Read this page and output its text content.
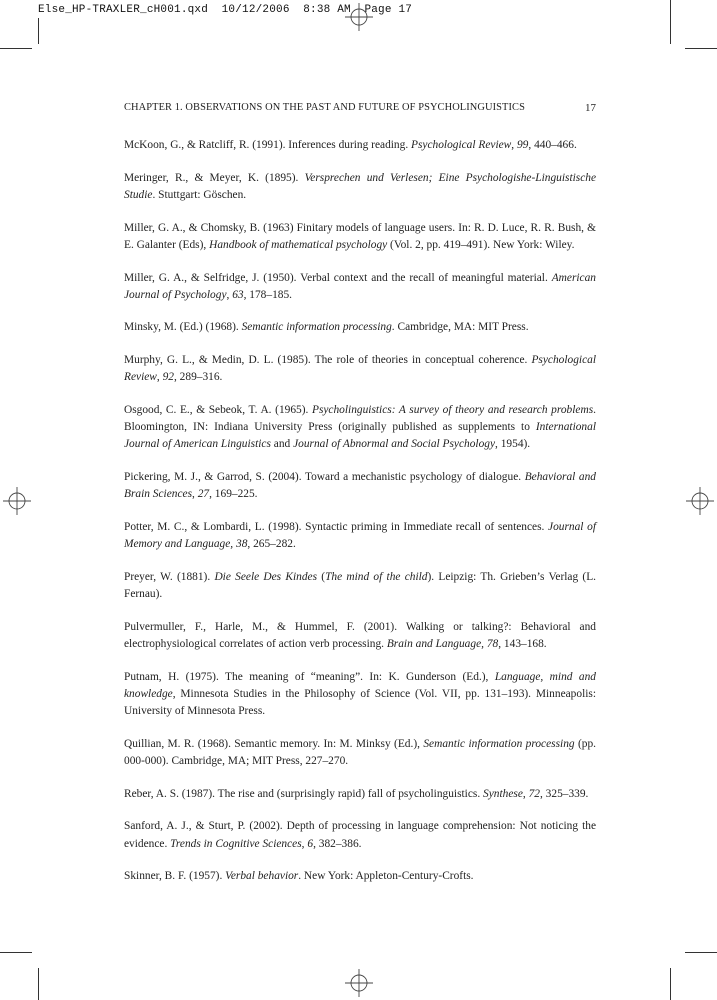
Else_HP-TRAXLER_cH001.qxd  10/12/2006  8:38 AM  Page 17
CHAPTER 1. OBSERVATIONS ON THE PAST AND FUTURE OF PSYCHOLINGUISTICS	17

McKoon, G., & Ratcliff, R. (1991). Inferences during reading. Psychological Review, 99, 440–466.

Meringer, R., & Meyer, K. (1895). Versprechen und Verlesen; Eine Psychologishe-Linguistische Studie. Stuttgart: Göschen.

Miller, G. A., & Chomsky, B. (1963) Finitary models of language users. In: R. D. Luce, R. R. Bush, & E. Galanter (Eds), Handbook of mathematical psychology (Vol. 2, pp. 419–491). New York: Wiley.

Miller, G. A., & Selfridge, J. (1950). Verbal context and the recall of meaningful material. American Journal of Psychology, 63, 178–185.

Minsky, M. (Ed.) (1968). Semantic information processing. Cambridge, MA: MIT Press.

Murphy, G. L., & Medin, D. L. (1985). The role of theories in conceptual coherence. Psychological Review, 92, 289–316.

Osgood, C. E., & Sebeok, T. A. (1965). Psycholinguistics: A survey of theory and research problems. Bloomington, IN: Indiana University Press (originally published as supplements to International Journal of American Linguistics and Journal of Abnormal and Social Psychology, 1954).

Pickering, M. J., & Garrod, S. (2004). Toward a mechanistic psychology of dialogue. Behavioral and Brain Sciences, 27, 169–225.

Potter, M. C., & Lombardi, L. (1998). Syntactic priming in Immediate recall of sentences. Journal of Memory and Language, 38, 265–282.

Preyer, W. (1881). Die Seele Des Kindes (The mind of the child). Leipzig: Th. Grieben’s Verlag (L. Fernau).

Pulvermuller, F., Harle, M., & Hummel, F. (2001). Walking or talking?: Behavioral and electrophysiological correlates of action verb processing. Brain and Language, 78, 143–168.

Putnam, H. (1975). The meaning of “meaning”. In: K. Gunderson (Ed.), Language, mind and knowledge, Minnesota Studies in the Philosophy of Science (Vol. VII, pp. 131–193). Minneapolis: University of Minnesota Press.

Quillian, M. R. (1968). Semantic memory. In: M. Minksy (Ed.), Semantic information processing (pp. 000-000). Cambridge, MA; MIT Press, 227–270.

Reber, A. S. (1987). The rise and (surprisingly rapid) fall of psycholinguistics. Synthese, 72, 325–339.

Sanford, A. J., & Sturt, P. (2002). Depth of processing in language comprehension: Not noticing the evidence. Trends in Cognitive Sciences, 6, 382–386.

Skinner, B. F. (1957). Verbal behavior. New York: Appleton-Century-Crofts.
